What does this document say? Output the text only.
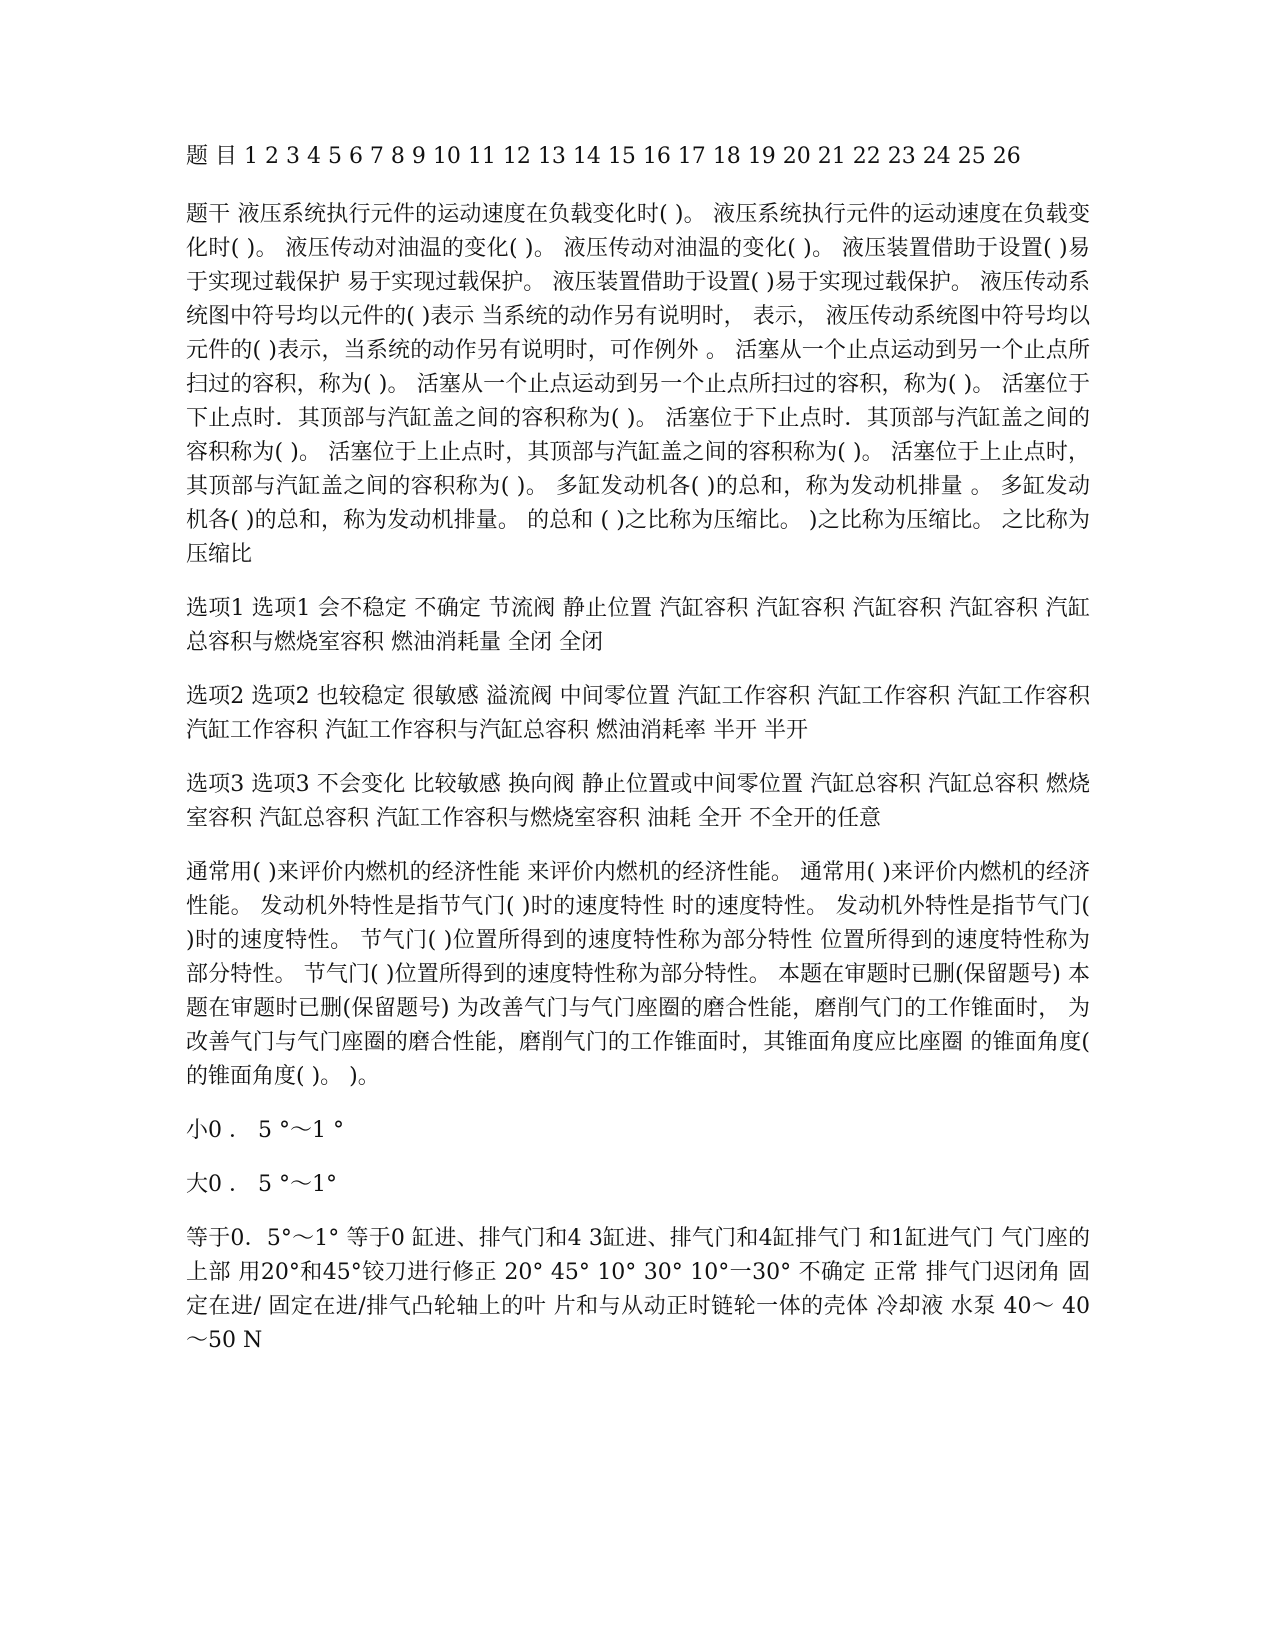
题 目 1 2 3 4 5 6 7 8 9 10 11 12 13 14 15 16 17 18 19 20 21 22 23 24 25 26

题干 液压系统执行元件的运动速度在负载变化时( )。 液压系统执行元件的运动速度在负载变化时( )。 液压传动对油温的变化( )。 液压传动对油温的变化( )。 液压装置借助于设置( )易于实现过载保护 易于实现过载保护。 液压装置借助于设置( )易于实现过载保护。 液压传动系统图中符号均以元件的( )表示 当系统的动作另有说明时， 表示， 液压传动系统图中符号均以元件的( )表示，当系统的动作另有说明时，可作例外 。 活塞从一个止点运动到另一个止点所扫过的容积，称为( )。 活塞从一个止点运动到另一个止点所扫过的容积，称为( )。 活塞位于下止点时．其顶部与汽缸盖之间的容积称为( )。 活塞位于下止点时．其顶部与汽缸盖之间的容积称为( )。 活塞位于上止点时，其顶部与汽缸盖之间的容积称为( )。 活塞位于上止点时，其顶部与汽缸盖之间的容积称为( )。 多缸发动机各( )的总和，称为发动机排量 。 多缸发动机各( )的总和，称为发动机排量。 的总和 ( )之比称为压缩比。 )之比称为压缩比。 之比称为压缩比

选项1 选项1 会不稳定 不确定 节流阀 静止位置 汽缸容积 汽缸容积 汽缸容积 汽缸容积 汽缸总容积与燃烧室容积 燃油消耗量 全闭 全闭

选项2 选项2 也较稳定 很敏感 溢流阀 中间零位置 汽缸工作容积 汽缸工作容积 汽缸工作容积 汽缸工作容积 汽缸工作容积与汽缸总容积 燃油消耗率 半开 半开

选项3 选项3 不会变化 比较敏感 换向阀 静止位置或中间零位置 汽缸总容积 汽缸总容积 燃烧室容积 汽缸总容积 汽缸工作容积与燃烧室容积 油耗 全开 不全开的任意

通常用( )来评价内燃机的经济性能 来评价内燃机的经济性能。 通常用( )来评价内燃机的经济性能。 发动机外特性是指节气门( )时的速度特性 时的速度特性。 发动机外特性是指节气门( )时的速度特性。 节气门( )位置所得到的速度特性称为部分特性 位置所得到的速度特性称为部分特性。 节气门( )位置所得到的速度特性称为部分特性。 本题在审题时已删(保留题号) 本题在审题时已删(保留题号) 为改善气门与气门座圈的磨合性能，磨削气门的工作锥面时， 为改善气门与气门座圈的磨合性能，磨削气门的工作锥面时，其锥面角度应比座圈 的锥面角度( 的锥面角度( )。 )。

小0 ． 5 °～1 °

大0 ． 5 °～1°

等于0．5°～1° 等于0 缸进、排气门和4 3缸进、排气门和4缸排气门 和1缸进气门 气门座的上部 用20°和45°铰刀进行修正 20° 45° 10° 30° 10°一30° 不确定 正常 排气门迟闭角 固定在进/ 固定在进/排气凸轮轴上的叶 片和与从动正时链轮一体的壳体 冷却液 水泵 40～ 40～50 N
